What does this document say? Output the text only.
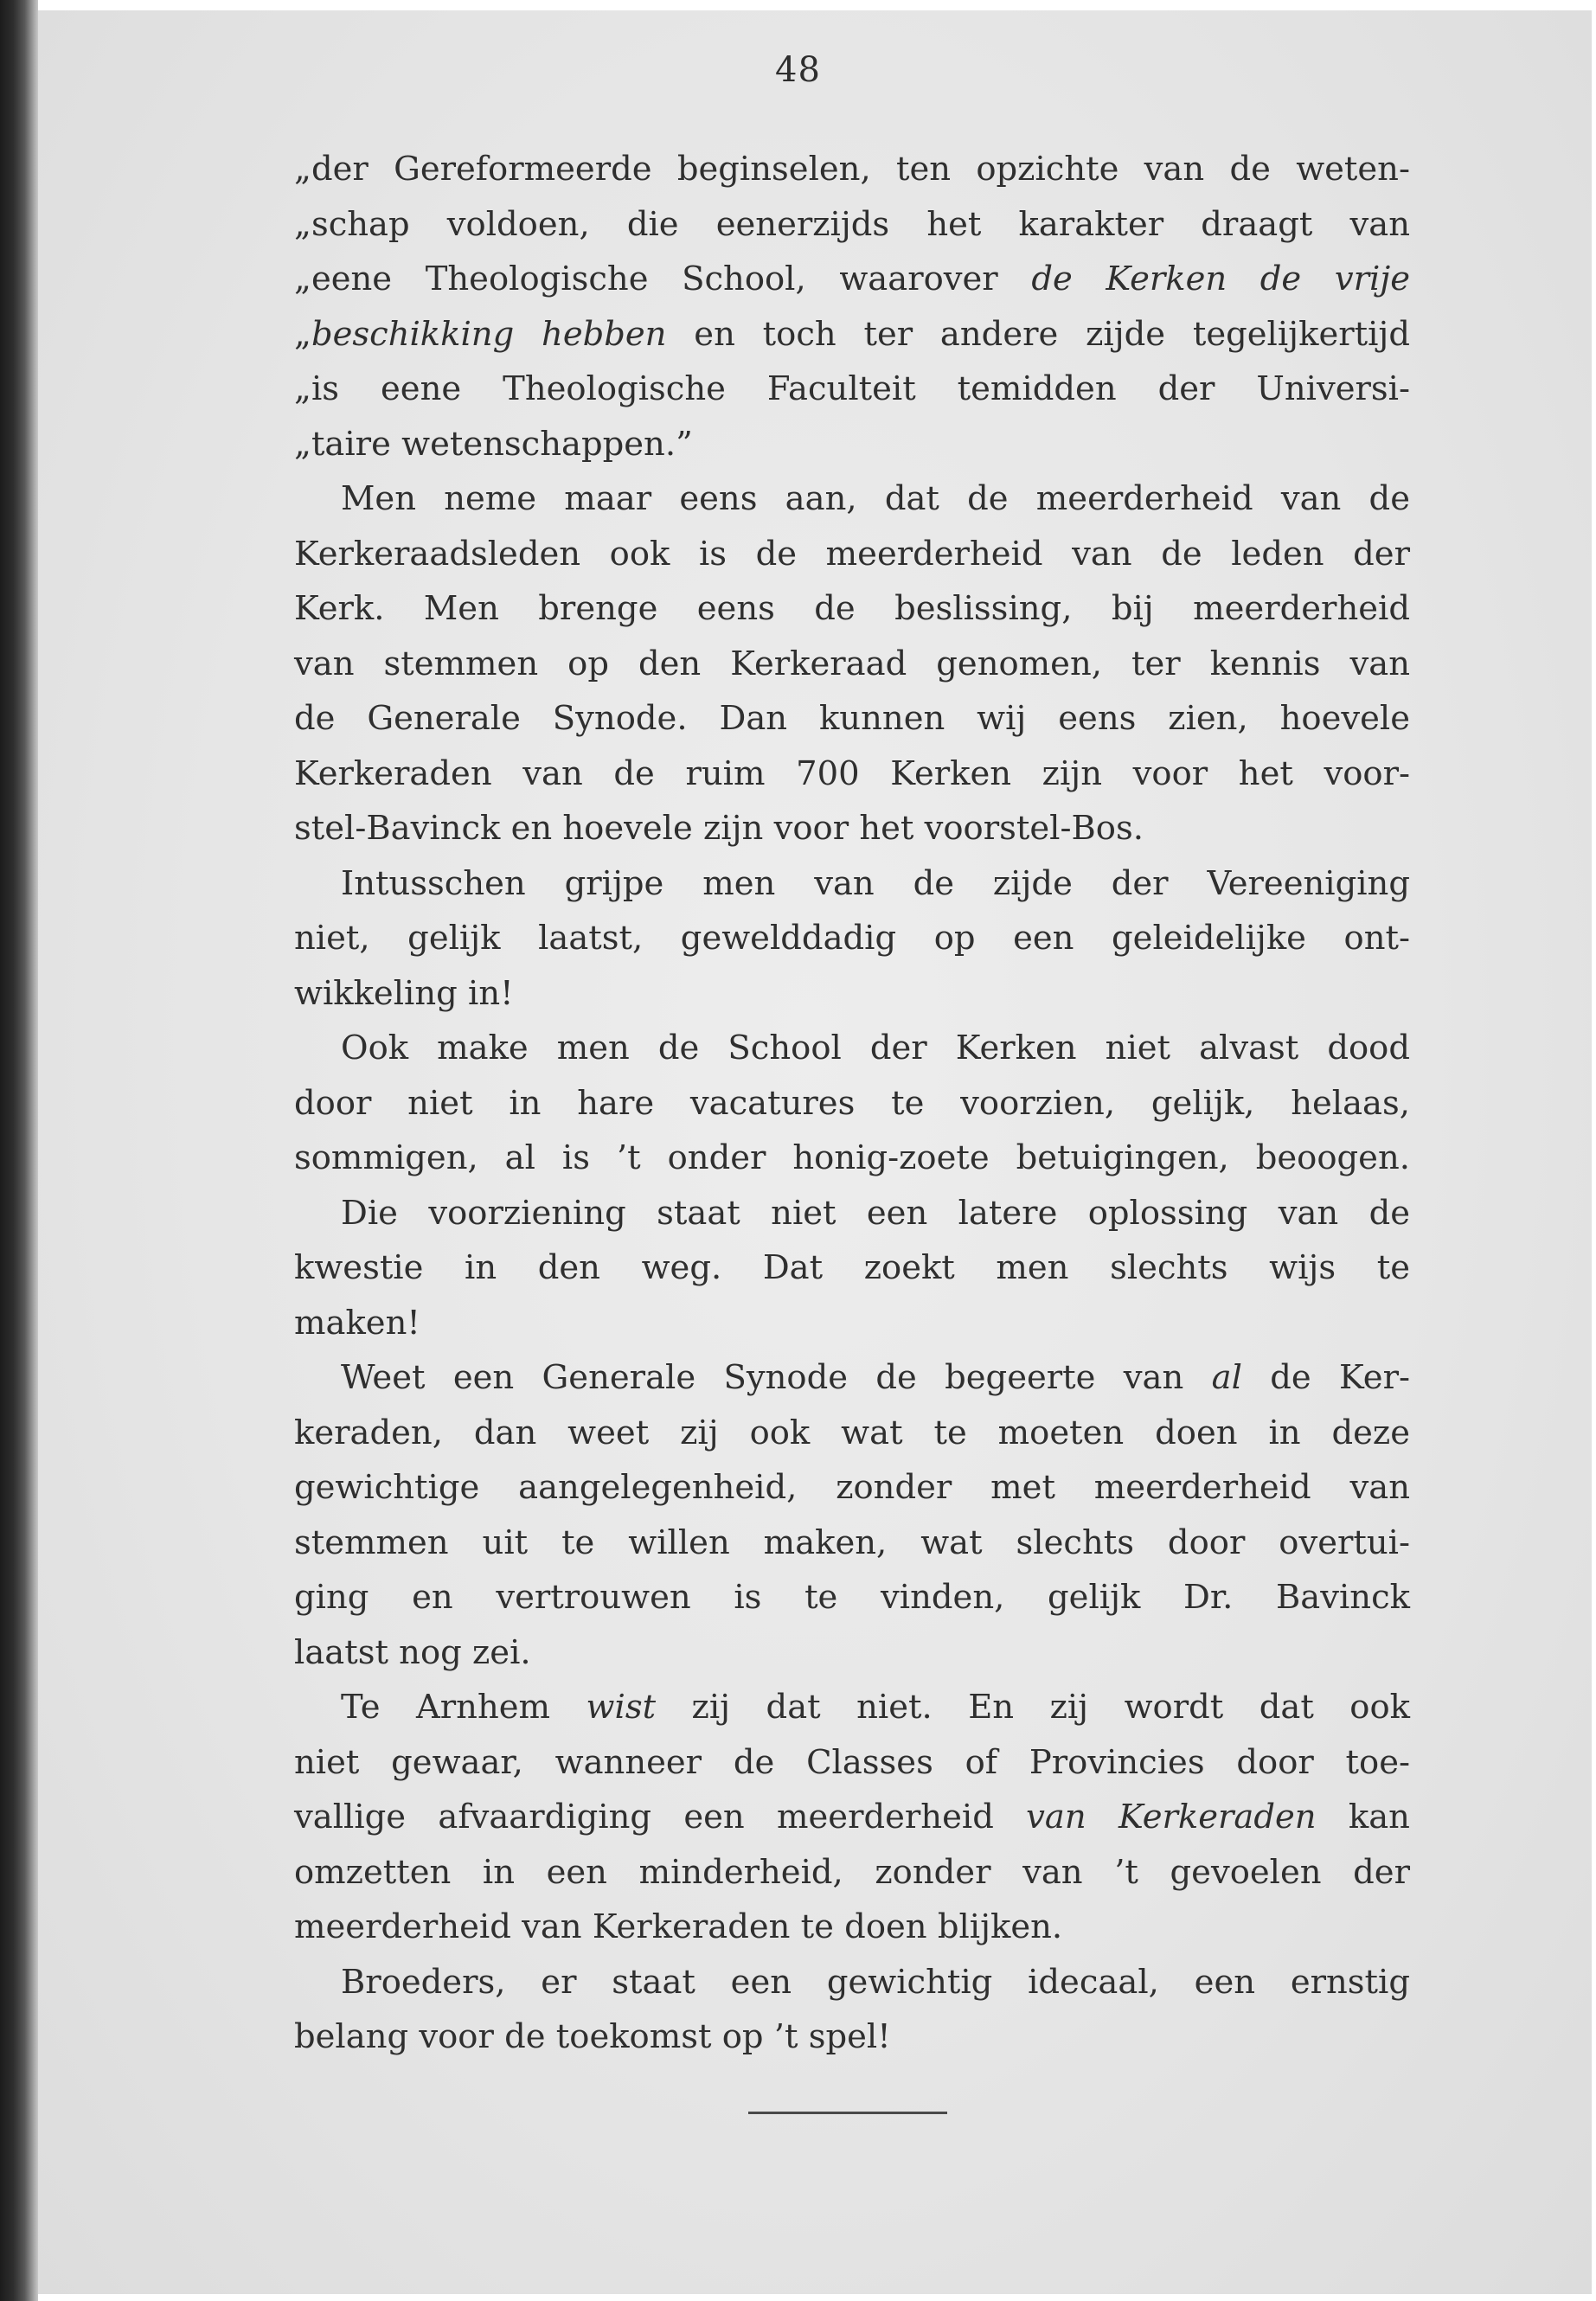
48
„der Gereformeerde beginselen, ten opzichte van de weten-
„schap voldoen, die eenerzijds het karakter draagt van
„eene Theologische School, waarover de Kerken de vrije
„beschikking hebben en toch ter andere zijde tegelijkertijd
„is eene Theologische Faculteit temidden der Universi-
„taire wetenschappen.”
Men neme maar eens aan, dat de meerderheid van de
Kerkeraadsleden ook is de meerderheid van de leden der
Kerk. Men brenge eens de beslissing, bij meerderheid
van stemmen op den Kerkeraad genomen, ter kennis van
de Generale Synode. Dan kunnen wij eens zien, hoevele
Kerkeraden van de ruim 700 Kerken zijn voor het voor-
stel-Bavinck en hoevele zijn voor het voorstel-Bos.
Intusschen grijpe men van de zijde der Vereeniging
niet, gelijk laatst, gewelddadig op een geleidelijke ont-
wikkeling in!
Ook make men de School der Kerken niet alvast dood
door niet in hare vacatures te voorzien, gelijk, helaas,
sommigen, al is ’t onder honig-zoete betuigingen, beoogen.
Die voorziening staat niet een latere oplossing van de
kwestie in den weg. Dat zoekt men slechts wijs te
maken!
Weet een Generale Synode de begeerte van al de Ker-
keraden, dan weet zij ook wat te moeten doen in deze
gewichtige aangelegenheid, zonder met meerderheid van
stemmen uit te willen maken, wat slechts door overtui-
ging en vertrouwen is te vinden, gelijk Dr. Bavinck
laatst nog zei.
Te Arnhem wist zij dat niet. En zij wordt dat ook
niet gewaar, wanneer de Classes of Provincies door toe-
vallige afvaardiging een meerderheid van Kerkeraden kan
omzetten in een minderheid, zonder van ’t gevoelen der
meerderheid van Kerkeraden te doen blijken.
Broeders, er staat een gewichtig idecaal, een ernstig
belang voor de toekomst op ’t spel!
